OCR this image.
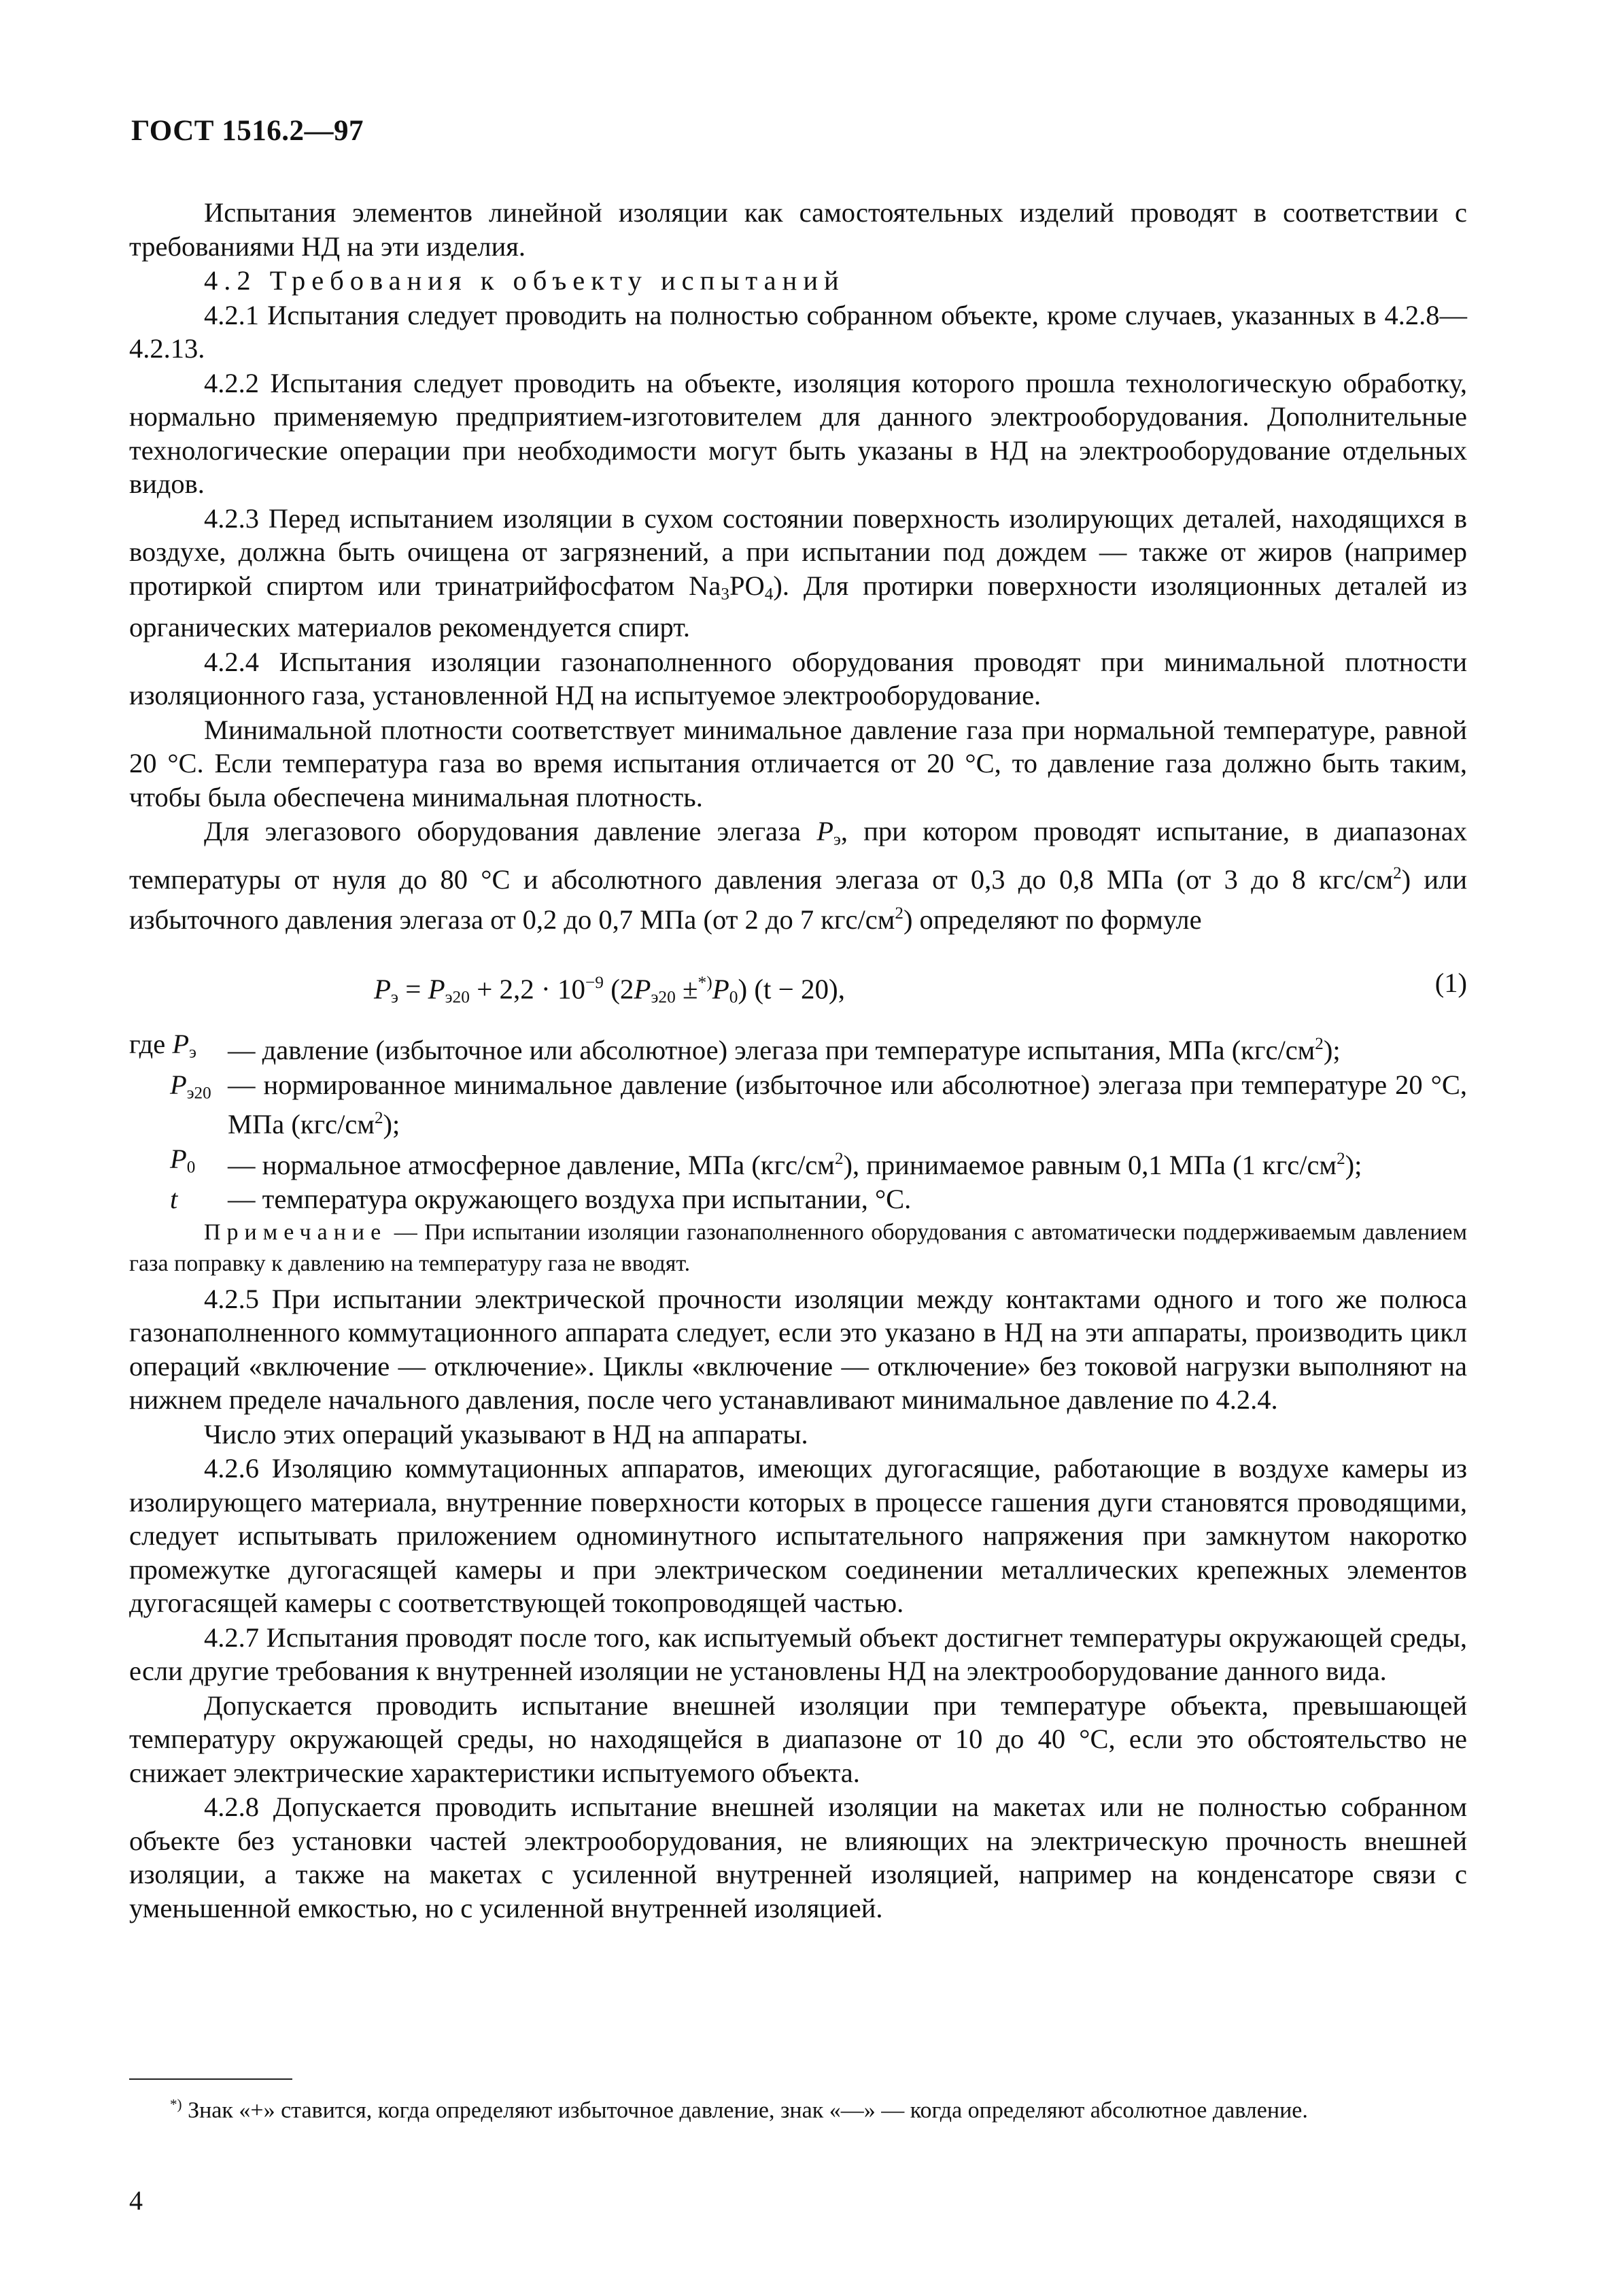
ГОСТ 1516.2—97

Испытания элементов линейной изоляции как самостоятельных изделий проводят в соответствии с требованиями НД на эти изделия.

4.2 Требования к объекту испытаний

4.2.1 Испытания следует проводить на полностью собранном объекте, кроме случаев, указанных в 4.2.8—4.2.13.

4.2.2 Испытания следует проводить на объекте, изоляция которого прошла технологическую обработку, нормально применяемую предприятием-изготовителем для данного электрооборудования. Дополнительные технологические операции при необходимости могут быть указаны в НД на электрооборудование отдельных видов.

4.2.3 Перед испытанием изоляции в сухом состоянии поверхность изолирующих деталей, находящихся в воздухе, должна быть очищена от загрязнений, а при испытании под дождем — также от жиров (например протиркой спиртом или тринатрийфосфатом $Na_3PO_4$). Для протирки поверхности изоляционных деталей из органических материалов рекомендуется спирт.

4.2.4 Испытания изоляции газонаполненного оборудования проводят при минимальной плотности изоляционного газа, установленной НД на испытуемое электрооборудование.

Минимальной плотности соответствует минимальное давление газа при нормальной температуре, равной 20 °С. Если температура газа во время испытания отличается от 20 °С, то давление газа должно быть таким, чтобы была обеспечена минимальная плотность.

Для элегазового оборудования давление элегаза $P_э$, при котором проводят испытание, в диапазонах температуры от нуля до 80 °С и абсолютного давления элегаза от 0,3 до 0,8 МПа (от 3 до 8 кгс/$см^2$) или избыточного давления элегаза от 0,2 до 0,7 МПа (от 2 до 7 кгс/$см^2$) определяют по формуле

$P_э = P_{э20} + 2,2 \cdot 10^{-9}$ $(2P_{э20} \pm^{*)}P_0) (t - 20)$,	(1)

где $P_э$ — давление (избыточное или абсолютное) элегаза при температуре испытания, МПа $(кгс/см^2)$;

$P_{э20}$ — нормированное минимальное давление (избыточное или абсолютное) элегаза при температуре 20 °С, МПа $(кгс/см^2)$;

$P_0$ — нормальное атмосферное давление, МПа $(кгс/см^2)$, принимаемое равным 0,1 МПа (1 кгс/$см^2$);

t — температура окружающего воздуха при испытании, °С.

Примечание — При испытании изоляции газонаполненного оборудования с автоматически поддерживаемым давлением газа поправку к давлению на температуру газа не вводят.

4.2.5 При испытании электрической прочности изоляции между контактами одного и того же полюса газонаполненного коммутационного аппарата следует, если это указано в НД на эти аппараты, производить цикл операций «включение — отключение». Циклы «включение — отключение» без токовой нагрузки выполняют на нижнем пределе начального давления, после чего устанавливают минимальное давление по 4.2.4.

Число этих операций указывают в НД на аппараты.

4.2.6 Изоляцию коммутационных аппаратов, имеющих дугогасящие, работающие в воздухе камеры из изолирующего материала, внутренние поверхности которых в процессе гашения дуги становятся проводящими, следует испытывать приложением одноминутного испытательного напряжения при замкнутом накоротко промежутке дугогасящей камеры и при электрическом соединении металлических крепежных элементов дугогасящей камеры с соответствующей токопроводящей частью.

4.2.7 Испытания проводят после того, как испытуемый объект достигнет температуры окружающей среды, если другие требования к внутренней изоляции не установлены НД на электрооборудование данного вида.

Допускается проводить испытание внешней изоляции при температуре объекта, превышающей температуру окружающей среды, но находящейся в диапазоне от 10 до 40 °С, если это обстоятельство не снижает электрические характеристики испытуемого объекта.

4.2.8 Допускается проводить испытание внешней изоляции на макетах или не полностью собранном объекте без установки частей электрооборудования, не влияющих на электрическую прочность внешней изоляции, а также на макетах с усиленной внутренней изоляцией, например на конденсаторе связи с уменьшенной емкостью, но с усиленной внутренней изоляцией.

*) Знак «+» ставится, когда определяют избыточное давление, знак «—» — когда определяют абсолютное давление.

4
